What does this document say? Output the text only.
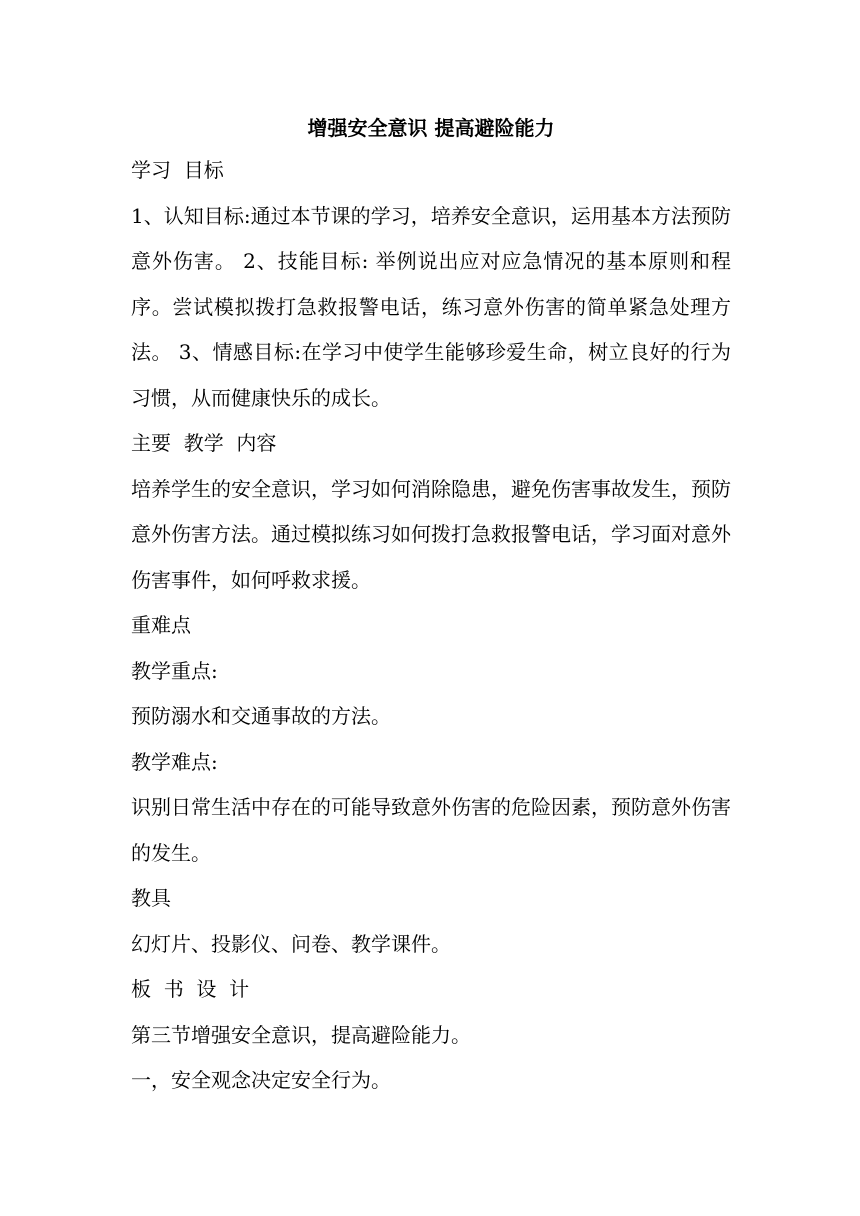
增强安全意识 提高避险能力

学习  目标

1、认知目标:通过本节课的学习，培养安全意识，运用基本方法预防意外伤害。 2、技能目标: 举例说出应对应急情况的基本原则和程序。尝试模拟拨打急救报警电话，练习意外伤害的简单紧急处理方法。 3、情感目标:在学习中使学生能够珍爱生命，树立良好的行为习惯，从而健康快乐的成长。

主要  教学  内容

培养学生的安全意识，学习如何消除隐患，避免伤害事故发生，预防意外伤害方法。通过模拟练习如何拨打急救报警电话，学习面对意外伤害事件，如何呼救求援。

重难点

教学重点:

预防溺水和交通事故的方法。

教学难点:

识别日常生活中存在的可能导致意外伤害的危险因素，预防意外伤害的发生。

教具

幻灯片、投影仪、问卷、教学课件。

板  书  设  计

第三节增强安全意识，提高避险能力。

一，安全观念决定安全行为。
